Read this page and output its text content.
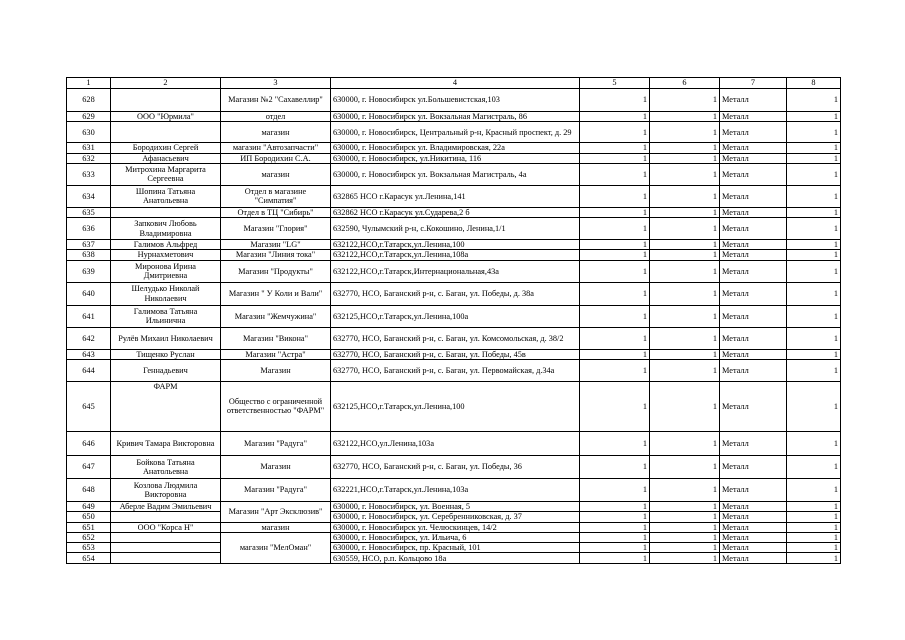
1	2	3	4	5	6	7	8
628		Магазин №2 "Сахавеллир"	630000, г. Новосибирск ул.Большевистская,103	1	1	Металл	1
629	ООО "Юрмила"	отдел	630000, г. Новосибирск ул. Вокзальная Магистраль, 86	1	1	Металл	1
630		магазин	630000, г. Новосибирск, Центральный р-н, Красный проспект, д. 29	1	1	Металл	1
631	Бородихин Сергей	магазин "Автозапчасти"	630000, г. Новосибирск ул. Владимировская, 22а	1	1	Металл	1
632	Афанасьевич	ИП Бородихин С.А.	630000, г. Новосибирск, ул.Никитина, 116	1	1	Металл	1
633	Митрохина Маргарита Сергеевна	магазин	630000, г. Новосибирск ул. Вокзальная Магистраль, 4а	1	1	Металл	1
634	Шопина Татьяна Анатольевна	Отдел в магазине "Симпатия"	632865 НСО г.Карасук ул.Ленина,141	1	1	Металл	1
635		Отдел в ТЦ "Сибирь"	632862 НСО г.Карасук ул.Сударева,2 б	1	1	Металл	1
636	Запкович Любовь Владимировна	Магазин "Глория"	632590, Чулымский р-н, с.Кокошино, Ленина,1/1	1	1	Металл	1
637	Галимов Альфред	Магазин "LG"	632122,НСО,г.Татарск,ул.Ленина,100	1	1	Металл	1
638	Нурнахметович	Магазин "Линия тока"	632122,НСО,г.Татарск,ул.Ленина,108а	1	1	Металл	1
639	Миронова Ирина Дмитриевна	Магазин "Продукты"	632122,НСО,г.Татарск,Интернациональная,43а	1	1	Металл	1
640	Шелудько Николай Николаевич	Магазин " У Коли и Вали"	632770, НСО, Баганский р-н, с. Баган, ул. Победы, д. 38а	1	1	Металл	1
641	Галимова Татьяна Ильинична	Магазин "Жемчужина"	632125,НСО,г.Татарск,ул.Ленина,100а	1	1	Металл	1
642	Рулёв Михаил Николаевич	Магазин "Викона"	632770, НСО, Баганский р-н, с. Баган, ул. Комсомольская, д. 38/2	1	1	Металл	1
643	Тищенко Руслан	Магазин "Астра"	632770, НСО, Баганский р-н, с. Баган, ул. Победы, 45в	1	1	Металл	1
644	Геннадьевич	Магазин	632770, НСО, Баганский р-н, с. Баган, ул. Первомайская, д.34а	1	1	Металл	1
645	ФАРМ	Общество с ограниченной ответственностью "ФАРМ"	632125,НСО,г.Татарск,ул.Ленина,100	1	1	Металл	1
646	Кривич Тамара Викторовна	Магазин "Радуга"	632122,НСО,ул.Ленина,103а	1	1	Металл	1
647	Бойкова Татьяна Анатольевна	Магазин	632770, НСО, Баганский р-н, с. Баган, ул. Победы, 36	1	1	Металл	1
648	Козлова Людмила Викторовна	Магазин "Радуга"	632221,НСО,г.Татарск,ул.Ленина,103а	1	1	Металл	1
649	Аберле Вадим Эмильевич	Магазин "Арт Эксклюзив"	630000, г. Новосибирск, ул. Военная, 5	1	1	Металл	1
650			630000, г. Новосибирск, ул. Серебренниковская, д. 37	1	1	Металл	1
651	ООО "Корса Н"	магазин	630000, г. Новосибирск ул. Челюскинцев, 14/2	1	1	Металл	1
652		магазин "МелОман"	630000, г. Новосибирск, ул. Ильича, 6	1	1	Металл	1
653			630000, г. Новосибирск, пр. Красный, 101	1	1	Металл	1
654			630559, НСО, р.п. Кольцово 18а	1	1	Металл	1
